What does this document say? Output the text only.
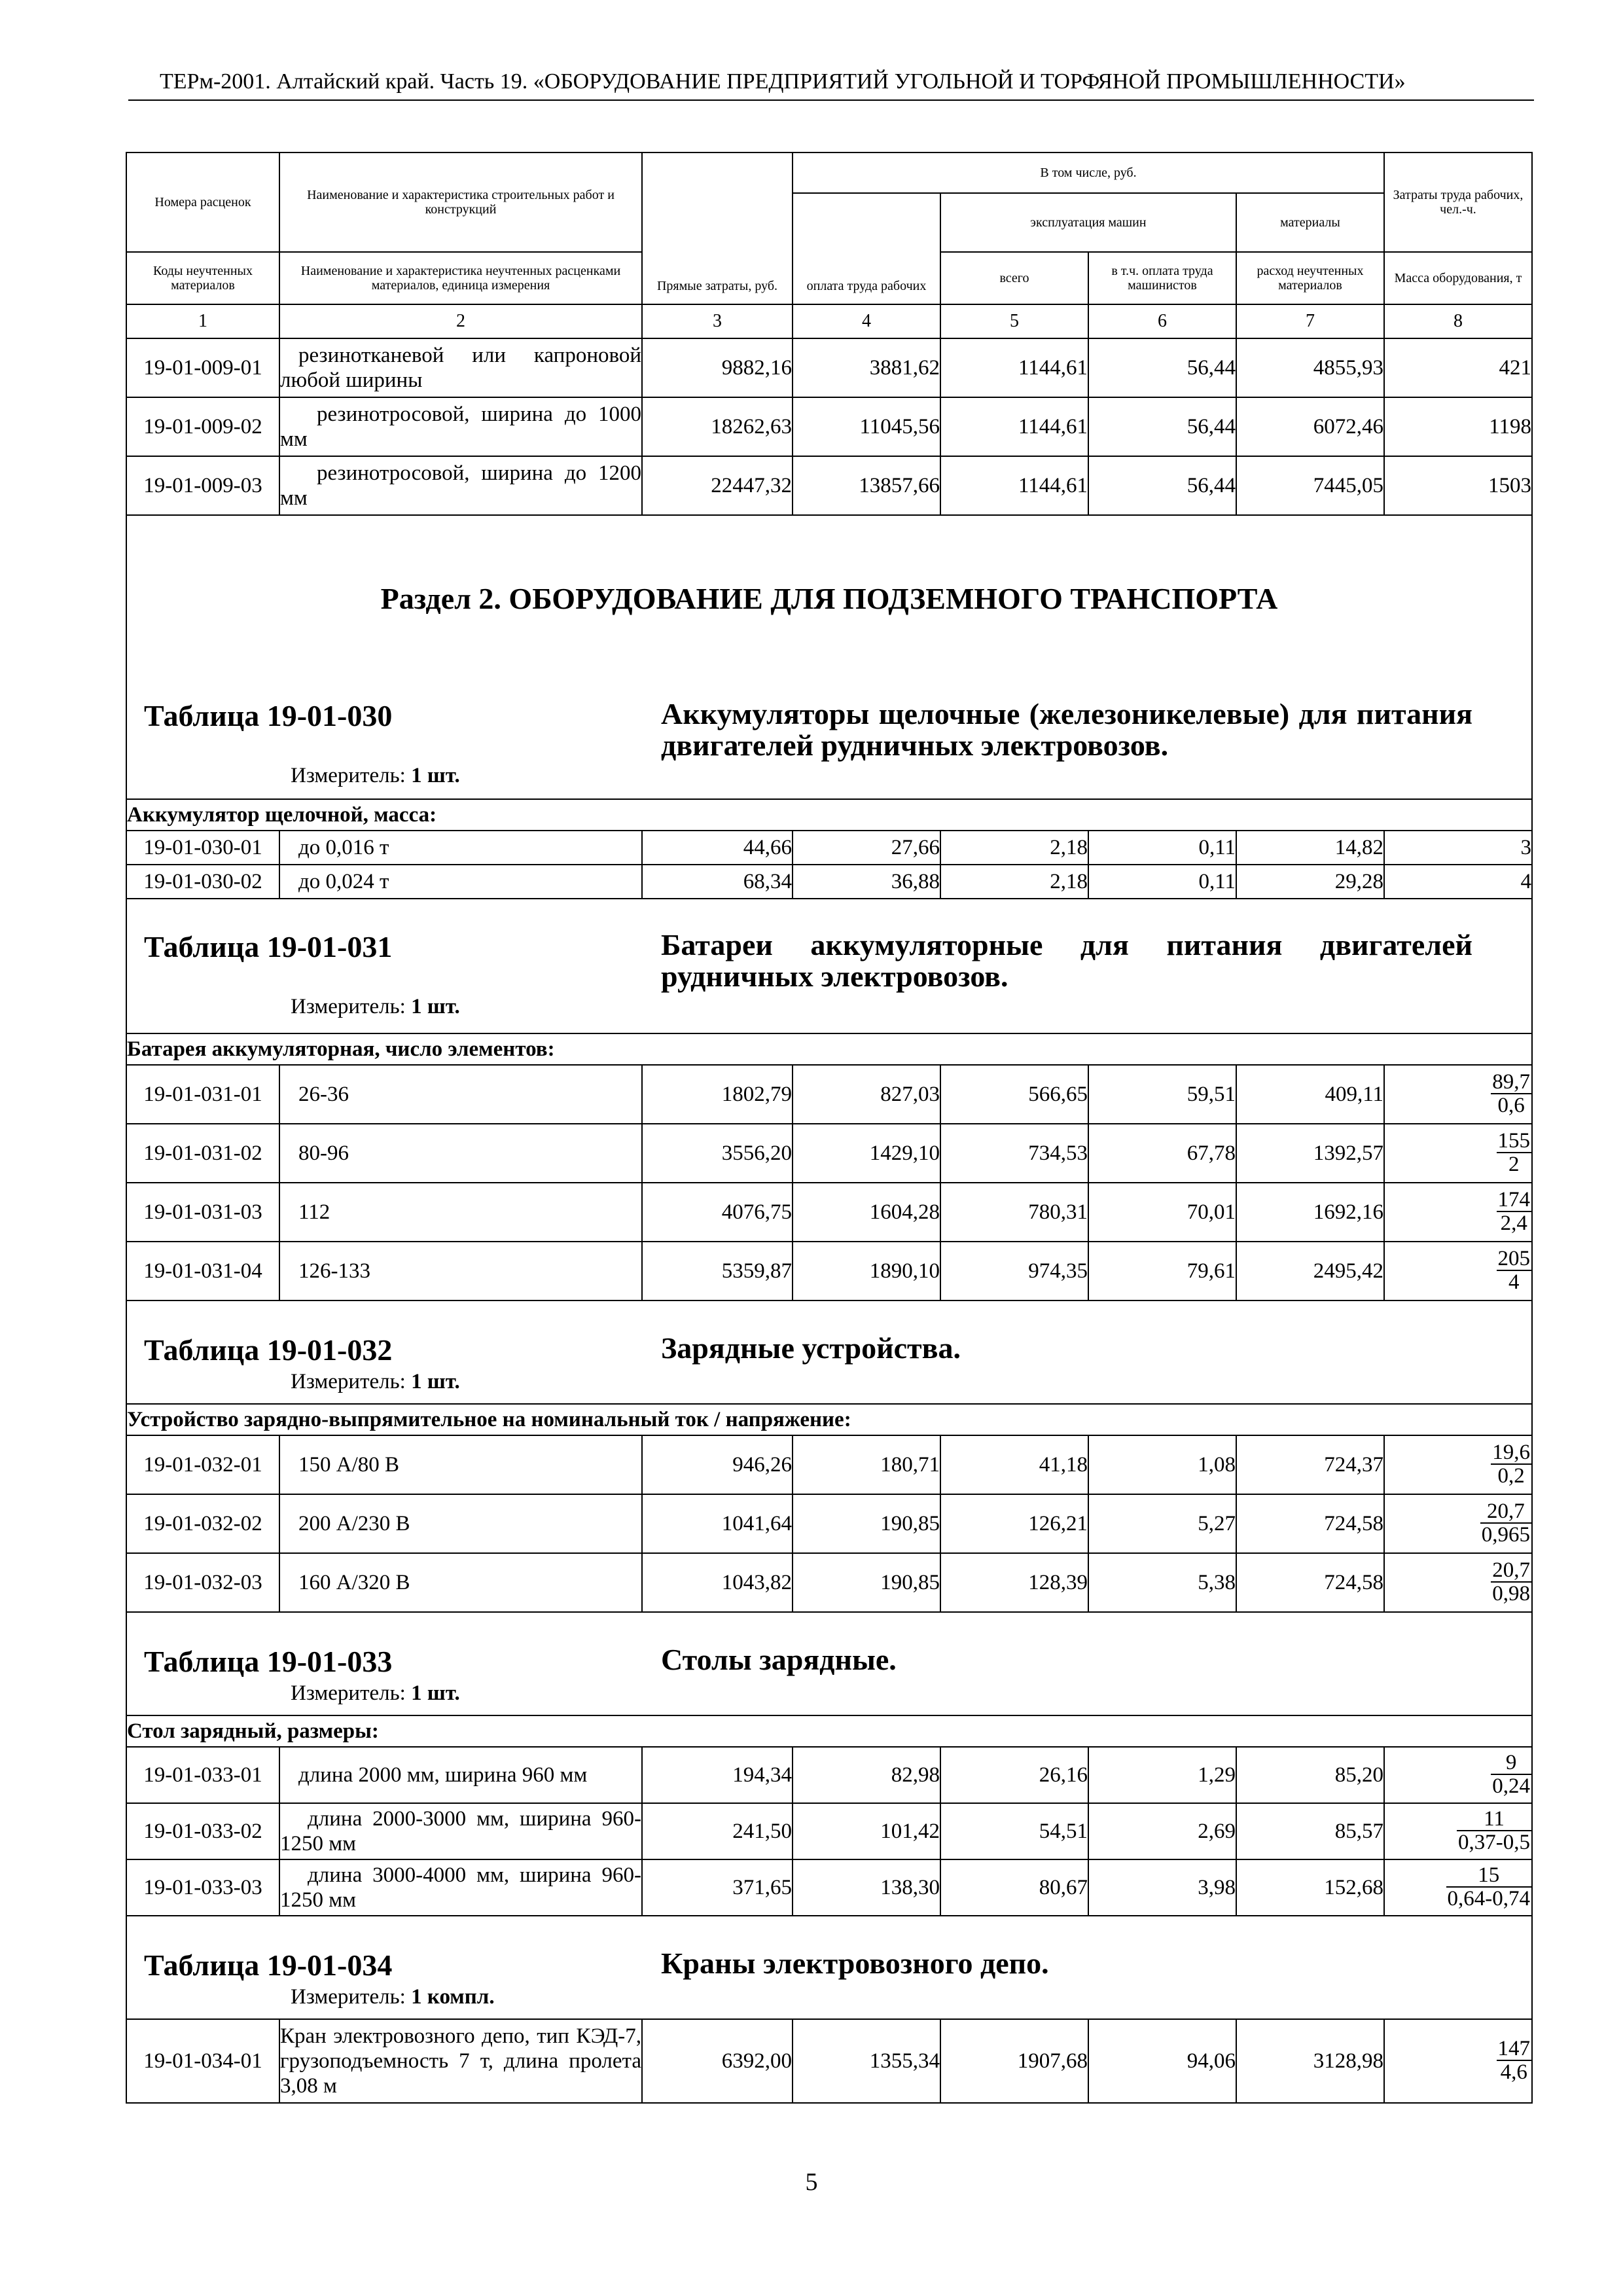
ТЕРм-2001. Алтайский край. Часть 19. «ОБОРУДОВАНИЕ ПРЕДПРИЯТИЙ УГОЛЬНОЙ И ТОРФЯНОЙ ПРОМЫШЛЕННОСТИ»
Номера расценок	Наименование и характеристика строительных работ и конструкций	Прямые затраты, руб.	В том числе, руб.				Затраты труда рабочих, чел.-ч.
			оплата труда рабочих	эксплуатация машин		материалы	
Коды неучтенных материалов	Наименование и характеристика неучтенных расценками материалов, единица измерения			всего	в т.ч. оплата труда машинистов	расход неучтенных материалов	Масса оборудования, т
1	2	3	4	5	6	7	8
19-01-009-01	резинотканевой или капроновой любой ширины	9882,16	3881,62	1144,61	56,44	4855,93	421
19-01-009-02	резинотросовой, ширина до 1000 мм	18262,63	11045,56	1144,61	56,44	6072,46	1198
19-01-009-03	резинотросовой, ширина до 1200 мм	22447,32	13857,66	1144,61	56,44	7445,05	1503

Раздел 2. ОБОРУДОВАНИЕ ДЛЯ ПОДЗЕМНОГО ТРАНСПОРТА
Таблица 19-01-030 Аккумуляторы щелочные (железоникелевые) для питания двигателей рудничных электровозов.
Измеритель: 1 шт.							

Аккумулятор щелочной, масса:							
19-01-030-01	до 0,016 т	44,66	27,66	2,18	0,11	14,82	3
19-01-030-02	до 0,024 т	68,34	36,88	2,18	0,11	29,28	4

Таблица 19-01-031 Батареи аккумуляторные для питания двигателей рудничных электровозов.
Измеритель: 1 шт.							

Батарея аккумуляторная, число элементов:							
19-01-031-01	26-36	1802,79	827,03	566,65	59,51	409,11	$\frac{89,7}{0,6}$

19-01-031-02	80-96	3556,20	1429,10	734,53	67,78	1392,57	$\frac{155}{2}$

19-01-031-03	112	4076,75	1604,28	780,31	70,01	1692,16	$\frac{174}{2,4}$

19-01-031-04	126-133	5359,87	1890,10	974,35	79,61	2495,42	$\frac{205}{4}$

Таблица 19-01-032 Зарядные устройства.
Измеритель: 1 шт.							

Устройство зарядно-выпрямительное на номинальный ток / напряжение:							
19-01-032-01	150 А/80 В	946,26	180,71	41,18	1,08	724,37	$\frac{19,6}{0,2}$

19-01-032-02	200 А/230 В	1041,64	190,85	126,21	5,27	724,58	$\frac{20,7}{0,965}$

19-01-032-03	160 А/320 В	1043,82	190,85	128,39	5,38	724,58	$\frac{20,7}{0,98}$

Таблица 19-01-033 Столы зарядные.
Измеритель: 1 шт.							

Стол зарядный, размеры:							
19-01-033-01	длина 2000 мм, ширина 960 мм	194,34	82,98	26,16	1,29	85,20	$\frac{9}{0,24}$

19-01-033-02	длина 2000-3000 мм, ширина 960-1250 мм	241,50	101,42	54,51	2,69	85,57	$\frac{11}{0,37-0,5}$

19-01-033-03	длина 3000-4000 мм, ширина 960-1250 мм	371,65	138,30	80,67	3,98	152,68	$\frac{15}{0,64-0,74}$

Таблица 19-01-034 Краны электровозного депо.
Измеритель: 1 компл.							

19-01-034-01	Кран электровозного депо, тип КЭД-7, грузоподъемность 7 т, длина пролета 3,08 м	6392,00	1355,34	1907,68	94,06	3128,98	$\frac{147}{4,6}$
5
